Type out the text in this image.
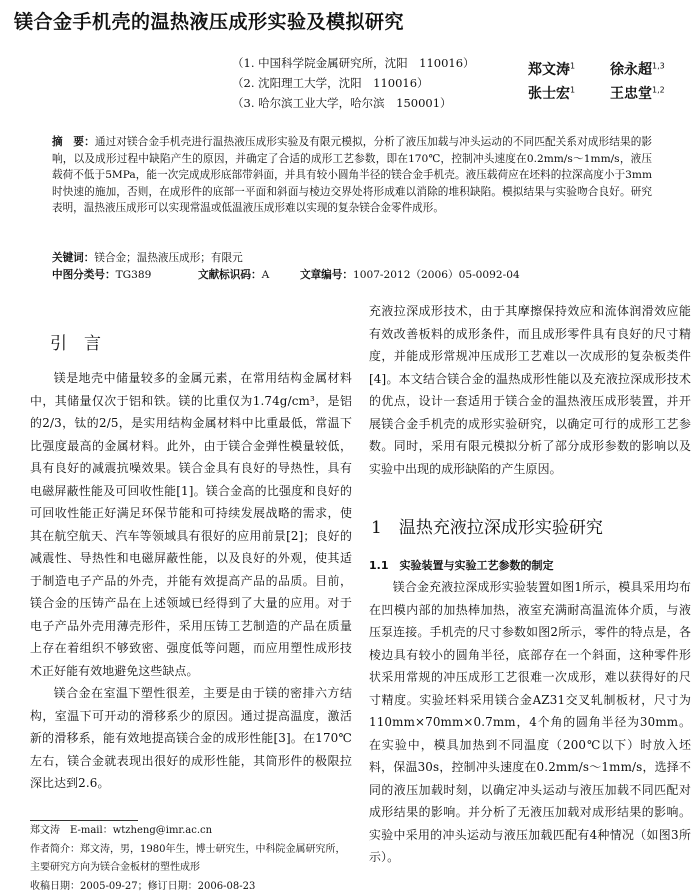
镁合金手机壳的温热液压成形实验及模拟研究
（1. 中国科学院金属研究所，沈阳　110016）
（2. 沈阳理工大学，沈阳　110016）
（3. 哈尔滨工业大学，哈尔滨　150001）
郑文涛$^1$ 徐永超$^{1,3}$
张士宏$^1$ 王忠堂$^{1,2}$

摘　要：通过对镁合金手机壳进行温热液压成形实验及有限元模拟，分析了液压加载与冲头运动的不同匹配关系对成形结果的影响，以及成形过程中缺陷产生的原因，并确定了合适的成形工艺参数，即在170℃，控制冲头速度在0.2mm/s～1mm/s，液压载荷不低于5MPa，能一次完成成形底部带斜面，并具有较小圆角半径的镁合金手机壳。液压载荷应在坯料的拉深高度小于3mm时快速的施加，否则，在成形件的底部一平面和斜面与棱边交界处将形成难以消除的堆积缺陷。模拟结果与实验吻合良好。研究表明，温热液压成形可以实现常温或低温液压成形难以实现的复杂镁合金零件成形。

关键词：镁合金；温热液压成形；有限元
中图分类号：TG389	文献标识码：A	文章编号：1007-2012（2006）05-0092-04
引　言

镁是地壳中储量较多的金属元素，在常用结构金属材料中，其储量仅次于铝和铁。镁的比重仅为1.74g/cm³，是铝的2/3，钛的2/5，是实用结构金属材料中比重最低，常温下比强度最高的金属材料。此外，由于镁合金弹性模量较低，具有良好的减震抗噪效果。镁合金具有良好的导热性，具有电磁屏蔽性能及可回收性能[1]。镁合金高的比强度和良好的可回收性能正好满足环保节能和可持续发展战略的需求，使其在航空航天、汽车等领域具有很好的应用前景[2]；良好的减震性、导热性和电磁屏蔽性能，以及良好的外观，使其适于制造电子产品的外壳，并能有效提高产品的品质。目前，镁合金的压铸产品在上述领域已经得到了大量的应用。对于电子产品外壳用薄壳形件，采用压铸工艺制造的产品在质量上存在着组织不够致密、强度低等问题，而应用塑性成形技术正好能有效地避免这些缺点。

镁合金在室温下塑性很差，主要是由于镁的密排六方结构，室温下可开动的滑移系少的原因。通过提高温度，激活新的滑移系，能有效地提高镁合金的成形性能[3]。在170℃左右，镁合金就表现出很好的成形性能，其筒形件的极限拉深比达到2.6。

充液拉深成形技术，由于其摩擦保持效应和流体润滑效应能有效改善板料的成形条件，而且成形零件具有良好的尺寸精度，并能成形常规冲压成形工艺难以一次成形的复杂板类件[4]。本文结合镁合金的温热成形性能以及充液拉深成形技术的优点，设计一套适用于镁合金的温热液压成形装置，并开展镁合金手机壳的成形实验研究，以确定可行的成形工艺参数。同时，采用有限元模拟分析了部分成形参数的影响以及实验中出现的成形缺陷的产生原因。

1　温热充液拉深成形实验研究
1.1　实验装置与实验工艺参数的制定

镁合金充液拉深成形实验装置如图1所示，模具采用均布在凹模内部的加热棒加热，液室充满耐高温流体介质，与液压泵连接。手机壳的尺寸参数如图2所示，零件的特点是，各棱边具有较小的圆角半径，底部存在一个斜面，这种零件形状采用常规的冲压成形工艺很难一次成形，难以获得好的尺寸精度。实验坯料采用镁合金AZ31交叉轧制板材，尺寸为110mm×70mm×0.7mm，4个角的圆角半径为30mm。在实验中，模具加热到不同温度（200℃以下）时放入坯料，保温30s，控制冲头速度在0.2mm/s～1mm/s，选择不同的液压加载时刻，以确定冲头运动与液压加载不同匹配对成形结果的影响。并分析了无液压加载对成形结果的影响。实验中采用的冲头运动与液压加载匹配有4种情况（如图3所示）。

郑文涛　E-mail：wtzheng@imr.ac.cn
作者简介：郑文涛，男，1980年生，博士研究生，中科院金属研究所，主要研究方向为镁合金板材的塑性成形
收稿日期：2005-09-27；修订日期：2006-08-23
